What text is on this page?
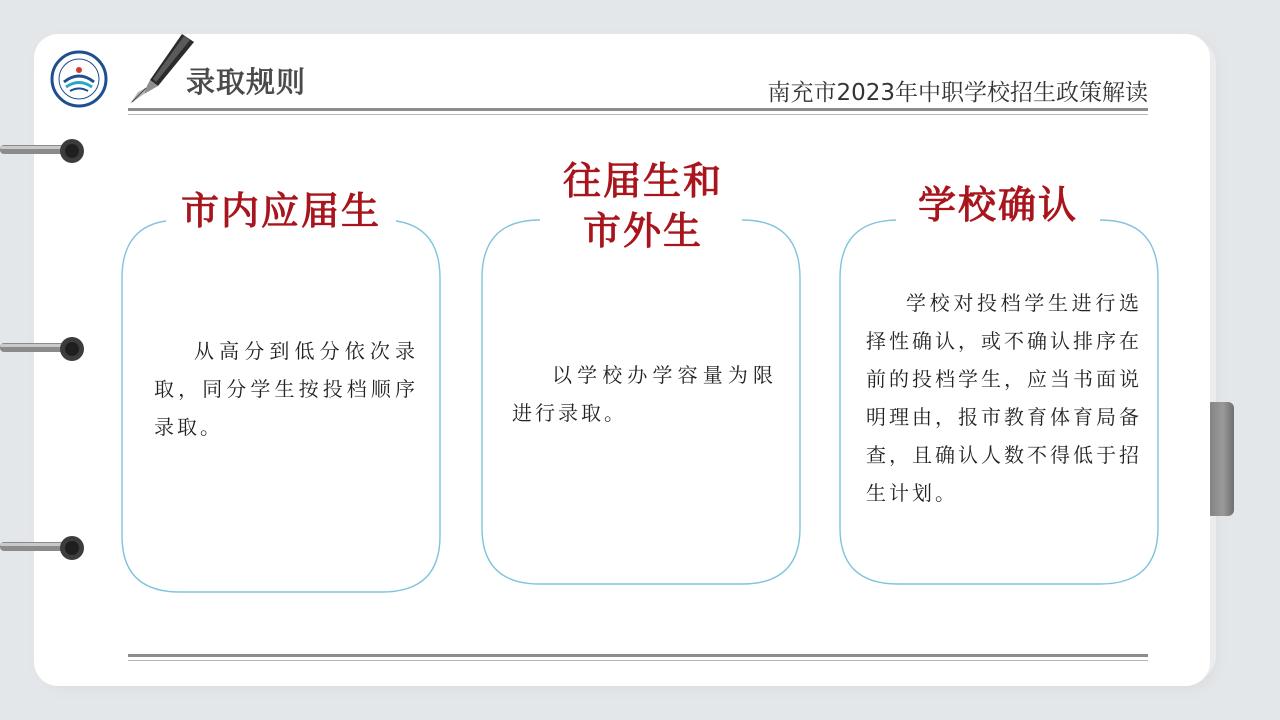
录取规则	南充市2023年中职学校招生政策解读
市内应届生
从高分到低分依次录取，同分学生按投档顺序录取。
往届生和
市外生
以学校办学容量为限进行录取。
学校确认
学校对投档学生进行选择性确认，或不确认排序在前的投档学生，应当书面说明理由，报市教育体育局备查，且确认人数不得低于招生计划。
